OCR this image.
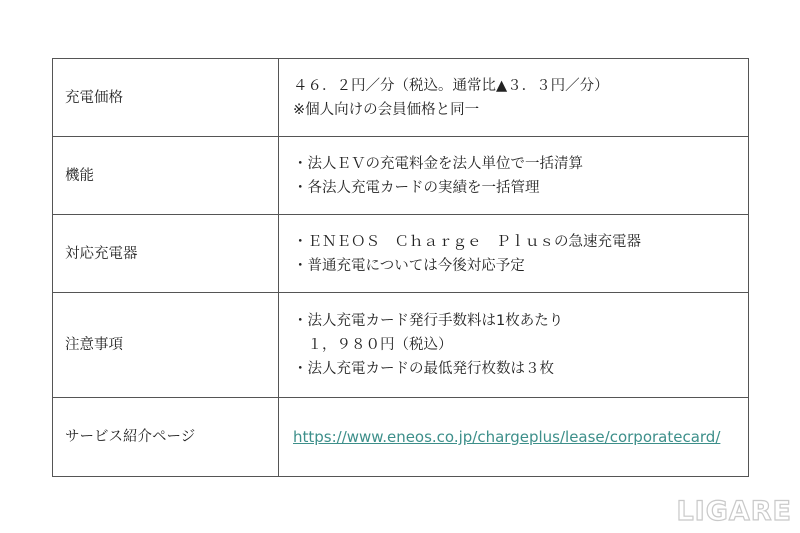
充電価格	４６．２円／分（税込。通常比▲３．３円／分）
※個人向けの会員価格と同一

機能	・法人ＥＶの充電料金を法人単位で一括清算
・各法人充電カードの実績を一括管理

対応充電器	・ＥＮＥＯＳ　Ｃｈａｒｇｅ　Ｐｌｕｓの急速充電器
・普通充電については今後対応予定

注意事項	・法人充電カード発行手数料は1枚あたり
　１，９８０円（税込）
・法人充電カードの最低発行枚数は３枚

サービス紹介ページ	https://www.eneos.co.jp/chargeplus/lease/corporatecard/
LIGARE
